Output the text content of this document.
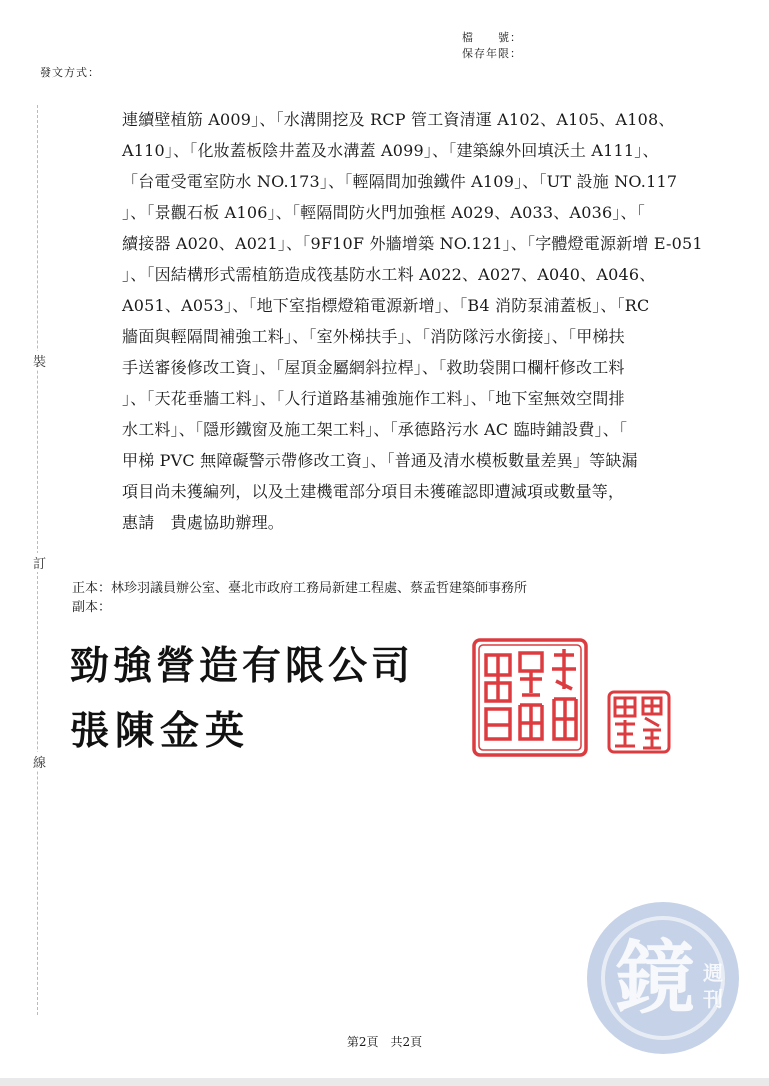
檔　　號：
保存年限：
發文方式：
裝
訂
線
連續壁植筋 A009」、「水溝開挖及 RCP 管工資清運 A102、A105、A108、
A110」、「化妝蓋板陰井蓋及水溝蓋 A099」、「建築線外回填沃土 A111」、
「台電受電室防水 NO.173」、「輕隔間加強鐵件 A109」、「UT 設施 NO.117
」、「景觀石板 A106」、「輕隔間防火門加強框 A029、A033、A036」、「
續接器 A020、A021」、「9F10F 外牆增築 NO.121」、「字體燈電源新增 E-051
」、「因結構形式需植筋造成筏基防水工料 A022、A027、A040、A046、
A051、A053」、「地下室指標燈箱電源新增」、「B4 消防泵浦蓋板」、「RC
牆面與輕隔間補強工料」、「室外梯扶手」、「消防隊污水銜接」、「甲梯扶
手送審後修改工資」、「屋頂金屬網斜拉桿」、「救助袋開口欄杆修改工料
」、「天花垂牆工料」、「人行道路基補強施作工料」、「地下室無效空間排
水工料」、「隱形鐵窗及施工架工料」、「承德路污水 AC 臨時鋪設費」、「
甲梯 PVC 無障礙警示帶修改工資」、「普通及清水模板數量差異」等缺漏
項目尚未獲編列，以及土建機電部分項目未獲確認即遭減項或數量等，
惠請　貴處協助辦理。
正本：林珍羽議員辦公室、臺北市政府工務局新建工程處、蔡孟哲建築師事務所
副本：
勁強營造有限公司
張陳金英
鏡 週
刊
第2頁　共2頁
